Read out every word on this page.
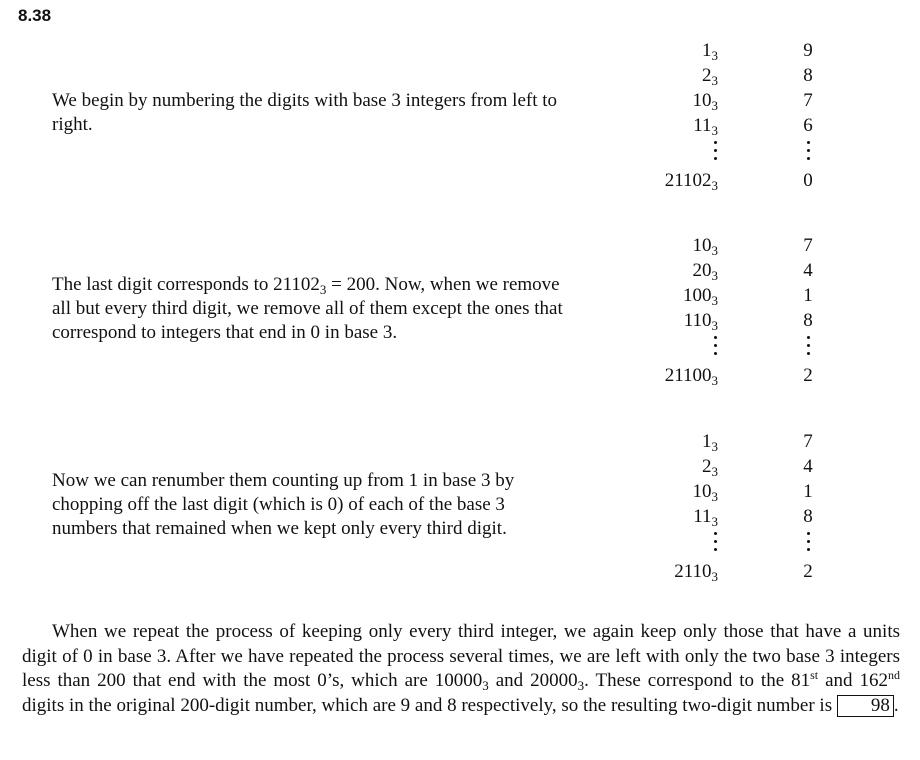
8.38
We begin by numbering the digits with base 3 integers from left to right.
$1_3$	9
$2_3$	8
$10_3$	7
$11_3$	6
$21102_3$	0
The last digit corresponds to $21102_3 = 200$. Now, when we remove all but every third digit, we remove all of them except the ones that correspond to integers that end in 0 in base 3.
$10_3$	7
$20_3$	4
$100_3$	1
$110_3$	8
$21100_3$	2
Now we can renumber them counting up from 1 in base 3 by chopping off the last digit (which is 0) of each of the base 3 numbers that remained when we kept only every third digit.
$1_3$	7
$2_3$	4
$10_3$	1
$11_3$	8
$2110_3$	2
When we repeat the process of keeping only every third integer, we again keep only those that have a units digit of 0 in base 3. After we have repeated the process several times, we are left with only the two base 3 integers less than 200 that end with the most 0’s, which are $10000_3$ and $20000_3$. These correspond to the 81st and 162nd digits in the original 200-digit number, which are 9 and 8 respectively, so the resulting two-digit number is 98 .
